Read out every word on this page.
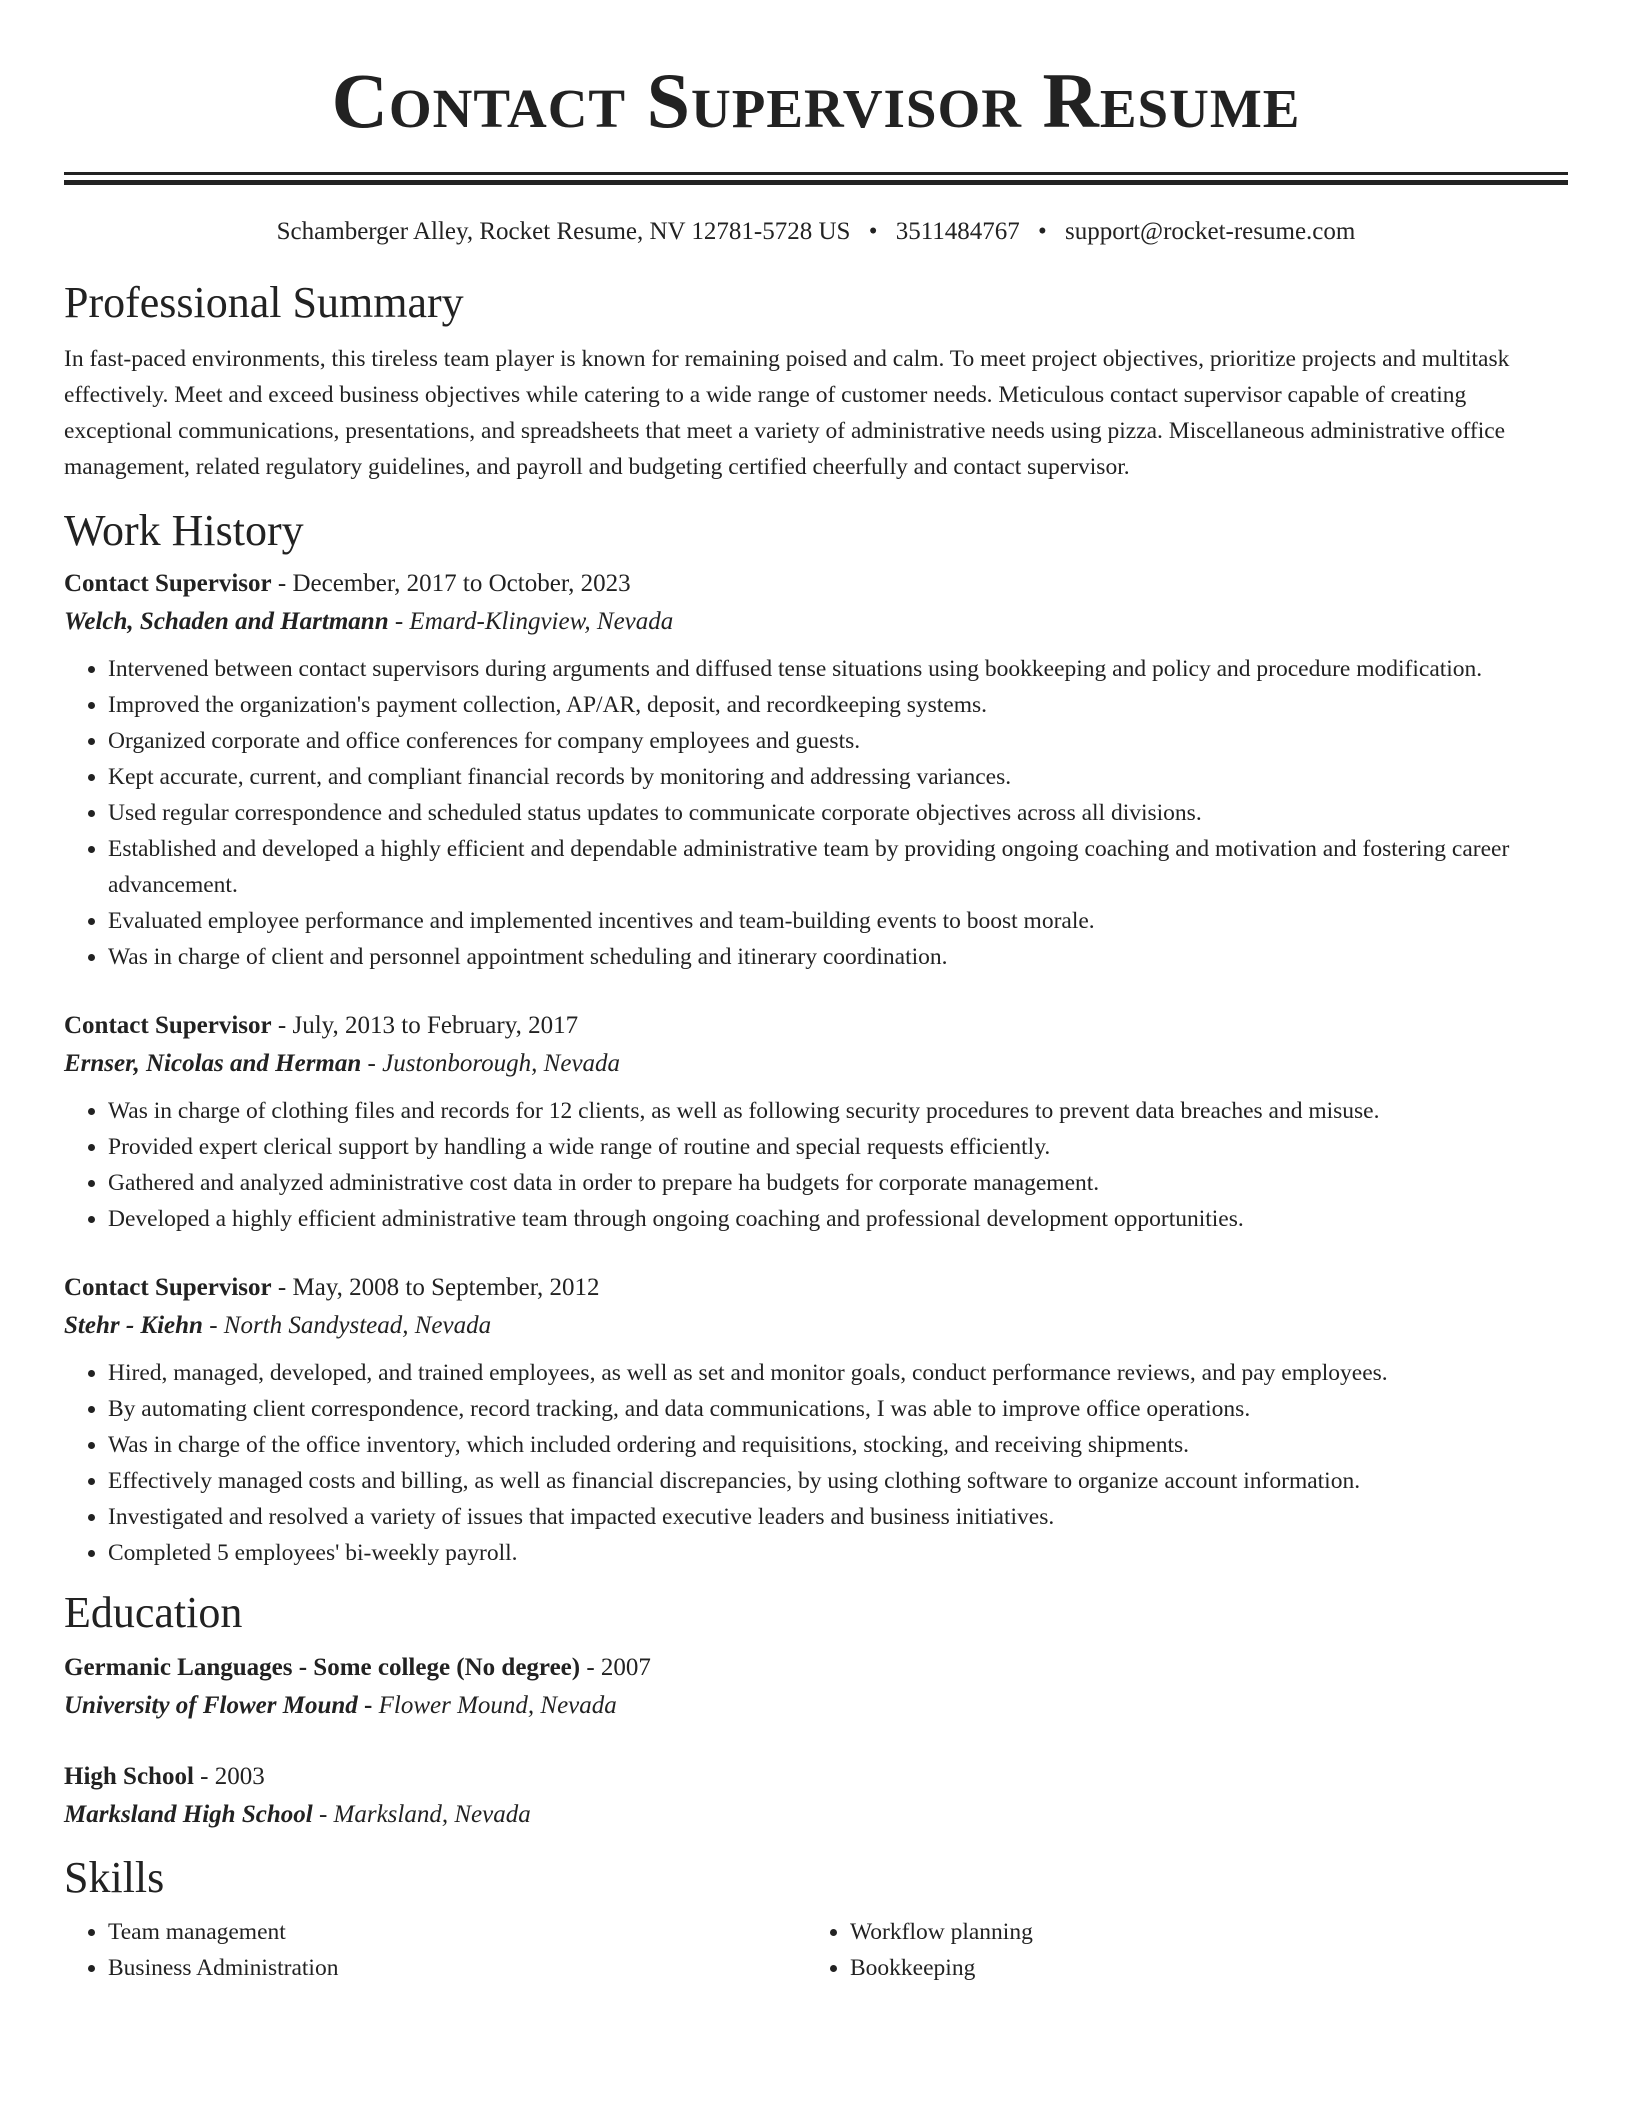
Contact Supervisor Resume
Schamberger Alley, Rocket Resume, NV 12781-5728 US • 3511484767 • support@rocket-resume.com
Professional Summary

In fast-paced environments, this tireless team player is known for remaining poised and calm. To meet project objectives, prioritize projects and multitask effectively. Meet and exceed business objectives while catering to a wide range of customer needs. Meticulous contact supervisor capable of creating exceptional communications, presentations, and spreadsheets that meet a variety of administrative needs using pizza. Miscellaneous administrative office management, related regulatory guidelines, and payroll and budgeting certified cheerfully and contact supervisor.

Work History
Contact Supervisor - December, 2017 to October, 2023
Welch, Schaden and Hartmann - Emard-Klingview, Nevada
• Intervened between contact supervisors during arguments and diffused tense situations using bookkeeping and policy and procedure modification.
• Improved the organization's payment collection, AP/AR, deposit, and recordkeeping systems.
• Organized corporate and office conferences for company employees and guests.
• Kept accurate, current, and compliant financial records by monitoring and addressing variances.
• Used regular correspondence and scheduled status updates to communicate corporate objectives across all divisions.
• Established and developed a highly efficient and dependable administrative team by providing ongoing coaching and motivation and fostering career advancement.
• Evaluated employee performance and implemented incentives and team-building events to boost morale.
• Was in charge of client and personnel appointment scheduling and itinerary coordination.
Contact Supervisor - July, 2013 to February, 2017
Ernser, Nicolas and Herman - Justonborough, Nevada
• Was in charge of clothing files and records for 12 clients, as well as following security procedures to prevent data breaches and misuse.
• Provided expert clerical support by handling a wide range of routine and special requests efficiently.
• Gathered and analyzed administrative cost data in order to prepare ha budgets for corporate management.
• Developed a highly efficient administrative team through ongoing coaching and professional development opportunities.
Contact Supervisor - May, 2008 to September, 2012
Stehr - Kiehn - North Sandystead, Nevada
• Hired, managed, developed, and trained employees, as well as set and monitor goals, conduct performance reviews, and pay employees.
• By automating client correspondence, record tracking, and data communications, I was able to improve office operations.
• Was in charge of the office inventory, which included ordering and requisitions, stocking, and receiving shipments.
• Effectively managed costs and billing, as well as financial discrepancies, by using clothing software to organize account information.
• Investigated and resolved a variety of issues that impacted executive leaders and business initiatives.
• Completed 5 employees' bi-weekly payroll.
Education
Germanic Languages - Some college (No degree) - 2007
University of Flower Mound - Flower Mound, Nevada
High School - 2003
Marksland High School - Marksland, Nevada
Skills
• Team management
• Business Administration
• Workflow planning
• Bookkeeping
